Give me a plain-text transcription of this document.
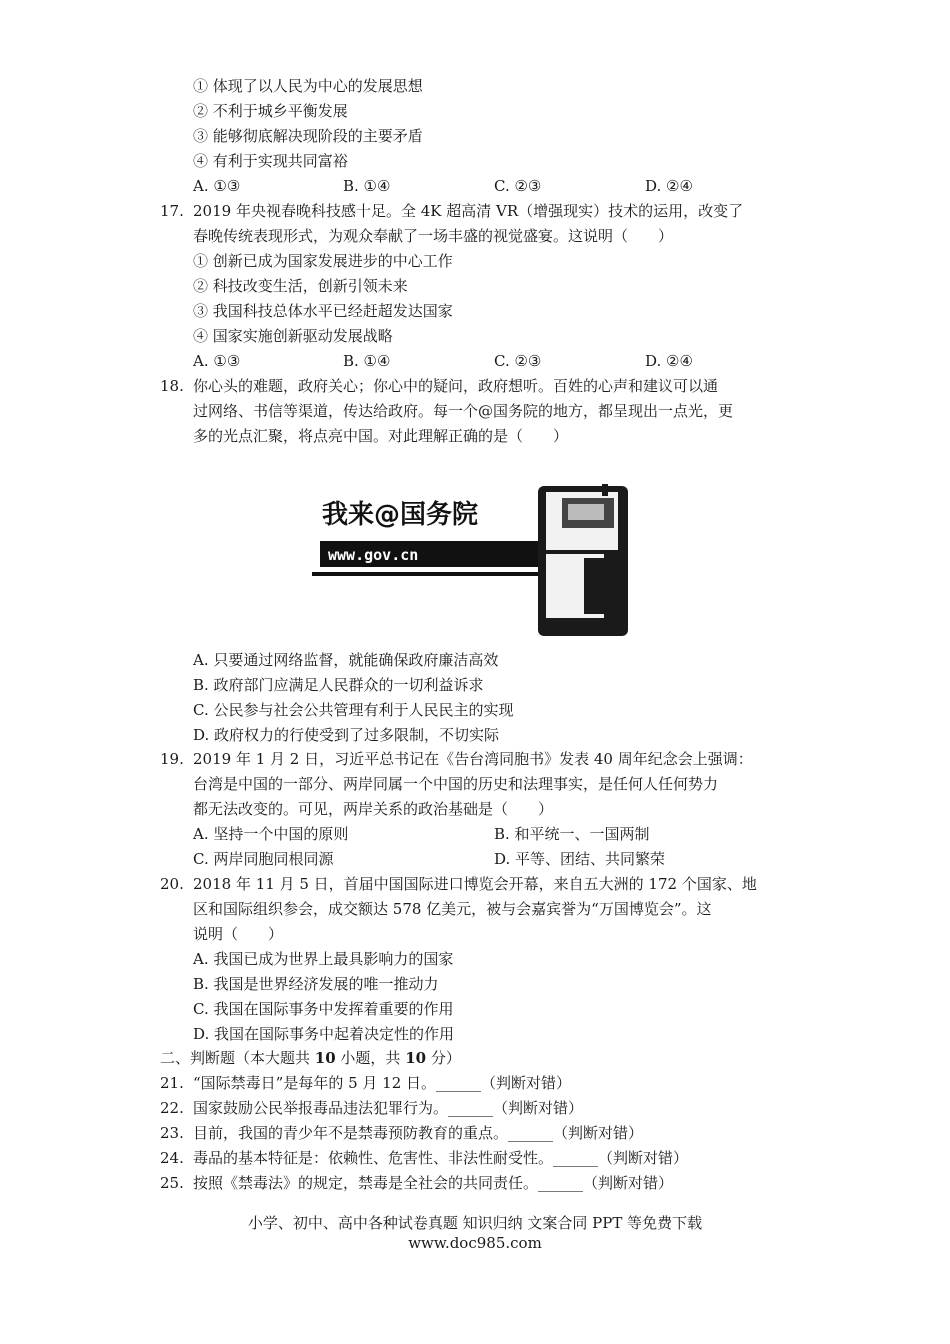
① 体现了以人民为中心的发展思想
② 不利于城乡平衡发展
③ 能够彻底解决现阶段的主要矛盾
④ 有利于实现共同富裕
A. ①③	B. ①④	C. ②③	D. ②④
17. 2019 年央视春晚科技感十足。全 4K 超高清 VR（增强现实）技术的运用，改变了
春晚传统表现形式，为观众奉献了一场丰盛的视觉盛宴。这说明（　　）
① 创新已成为国家发展进步的中心工作
② 科技改变生活，创新引领未来
③ 我国科技总体水平已经赶超发达国家
④ 国家实施创新驱动发展战略
A. ①③	B. ①④	C. ②③	D. ②④
18. 你心头的难题，政府关心；你心中的疑问，政府想听。百姓的心声和建议可以通
过网络、书信等渠道，传达给政府。每一个@国务院的地方，都呈现出一点光，更
多的光点汇聚，将点亮中国。对此理解正确的是（　　）
我来@国务院
www.gov.cn
A. 只要通过网络监督，就能确保政府廉洁高效
B. 政府部门应满足人民群众的一切利益诉求
C. 公民参与社会公共管理有利于人民民主的实现
D. 政府权力的行使受到了过多限制，不切实际
19. 2019 年 1 月 2 日，习近平总书记在《告台湾同胞书》发表 40 周年纪念会上强调：
台湾是中国的一部分、两岸同属一个中国的历史和法理事实，是任何人任何势力
都无法改变的。可见，两岸关系的政治基础是（　　）
A. 坚持一个中国的原则	B. 和平统一、一国两制
C. 两岸同胞同根同源	D. 平等、团结、共同繁荣
20. 2018 年 11 月 5 日，首届中国国际进口博览会开幕，来自五大洲的 172 个国家、地
区和国际组织参会，成交额达 578 亿美元，被与会嘉宾誉为“万国博览会”。这
说明（　　）
A. 我国已成为世界上最具影响力的国家
B. 我国是世界经济发展的唯一推动力
C. 我国在国际事务中发挥着重要的作用
D. 我国在国际事务中起着决定性的作用
二、判断题（本大题共 10 小题，共 10 分）
21. “国际禁毒日”是每年的 5 月 12 日。______（判断对错）
22. 国家鼓励公民举报毒品违法犯罪行为。______（判断对错）
23. 目前，我国的青少年不是禁毒预防教育的重点。______（判断对错）
24. 毒品的基本特征是：依赖性、危害性、非法性耐受性。______（判断对错）
25. 按照《禁毒法》的规定，禁毒是全社会的共同责任。______（判断对错）
小学、初中、高中各种试卷真题 知识归纳 文案合同 PPT 等免费下载
www.doc985.com
